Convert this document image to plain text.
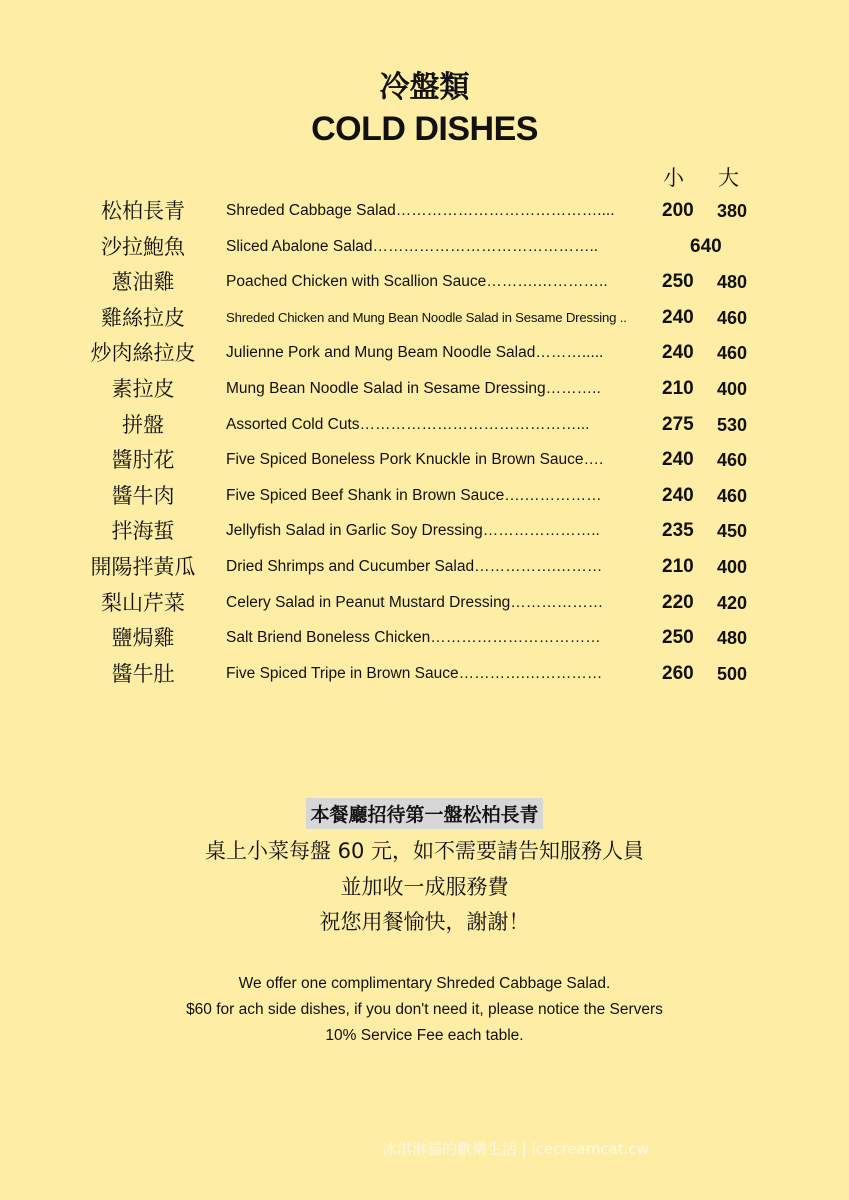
冷盤類
COLD DISHES
小 大
松柏長青	Shreded Cabbage Salad…………………………………....	200	380
沙拉鮑魚	Sliced Abalone Salad……………………………………..	640
蔥油雞	Poached Chicken with Scallion Sauce……….…………..	250	480
雞絲拉皮	Shreded Chicken and Mung Bean Noodle Salad in Sesame Dressing ..	240	460
炒肉絲拉皮	Julienne Pork and Mung Beam Noodle Salad……….....	240	460
素拉皮	Mung Bean Noodle Salad in Sesame Dressing………..	210	400
拼盤	Assorted Cold Cuts……………………………………...	275	530
醬肘花	Five Spiced Boneless Pork Knuckle in Brown Sauce….	240	460
醬牛肉	Five Spiced Beef Shank in Brown Sauce….……………	240	460
拌海蜇	Jellyfish Salad in Garlic Soy Dressing…………………..	235	450
開陽拌黃瓜	Dried Shrimps and Cucumber Salad…………….………	210	400
梨山芹菜	Celery Salad in Peanut Mustard Dressing………………	220	420
鹽焗雞	Salt Briend Boneless Chicken……………………………	250	480
醬牛肚	Five Spiced Tripe in Brown Sauce………….……………	260	500
本餐廳招待第一盤松柏長青
桌上小菜每盤 60 元，如不需要請告知服務人員
並加收一成服務費
祝您用餐愉快，謝謝！
We offer one complimentary Shreded Cabbage Salad.
$60 for ach side dishes, if you don't need it, please notice the Servers
10% Service Fee each table.
冰淇淋貓的歡樂生活 | icecreamcat.cw
